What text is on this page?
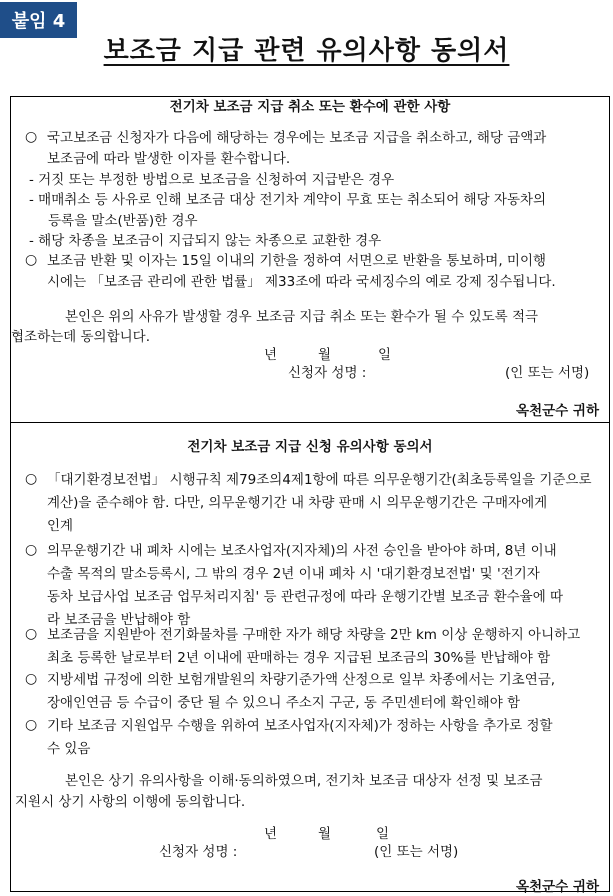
붙임 4
보조금 지급 관련 유의사항 동의서
전기차 보조금 지급 취소 또는 환수에 관한 사항
○ 국고보조금 신청자가 다음에 해당하는 경우에는 보조금 지급을 취소하고, 해당 금액과
보조금에 따라 발생한 이자를 환수합니다.
- 거짓 또는 부정한 방법으로 보조금을 신청하여 지급받은 경우
- 매매취소 등 사유로 인해 보조금 대상 전기차 계약이 무효 또는 취소되어 해당 자동차의
등록을 말소(반품)한 경우
- 해당 차종을 보조금이 지급되지 않는 차종으로 교환한 경우
○ 보조금 반환 및 이자는 15일 이내의 기한을 정하여 서면으로 반환을 통보하며, 미이행
시에는 「보조금 관리에 관한 법률」 제33조에 따라 국세징수의 예로 강제 징수됩니다.
본인은 위의 사유가 발생할 경우 보조금 지급 취소 또는 환수가 될 수 있도록 적극
협조하는데 동의합니다.
년	월	일
신청자 성명 :	(인 또는 서명)
옥천군수 귀하
전기차 보조금 지급 신청 유의사항 동의서
○ 「대기환경보전법」 시행규칙 제79조의4제1항에 따른 의무운행기간(최초등록일을 기준으로
계산)을 준수해야 함. 다만, 의무운행기간 내 차량 판매 시 의무운행기간은 구매자에게
인계
○ 의무운행기간 내 폐차 시에는 보조사업자(지자체)의 사전 승인을 받아야 하며, 8년 이내
수출 목적의 말소등록시, 그 밖의 경우 2년 이내 폐차 시 '대기환경보전법' 및 '전기자
동차 보급사업 보조금 업무처리지침' 등 관련규정에 따라 운행기간별 보조금 환수율에 따
라 보조금을 반납해야 함
○ 보조금을 지원받아 전기화물차를 구매한 자가 해당 차량을 2만 km 이상 운행하지 아니하고
최초 등록한 날로부터 2년 이내에 판매하는 경우 지급된 보조금의 30%를 반납해야 함
○ 지방세법 규정에 의한 보험개발원의 차량기준가액 산정으로 일부 차종에서는 기초연금,
장애인연금 등 수급이 중단 될 수 있으니 주소지 구군, 동 주민센터에 확인해야 함
○ 기타 보조금 지원업무 수행을 위하여 보조사업자(지자체)가 정하는 사항을 추가로 정할
수 있음
본인은 상기 유의사항을 이해·동의하였으며, 전기차 보조금 대상자 선정 및 보조금
지원시 상기 사항의 이행에 동의합니다.
년	월	일
신청자 성명 :	(인 또는 서명)
옥천군수 귀하
